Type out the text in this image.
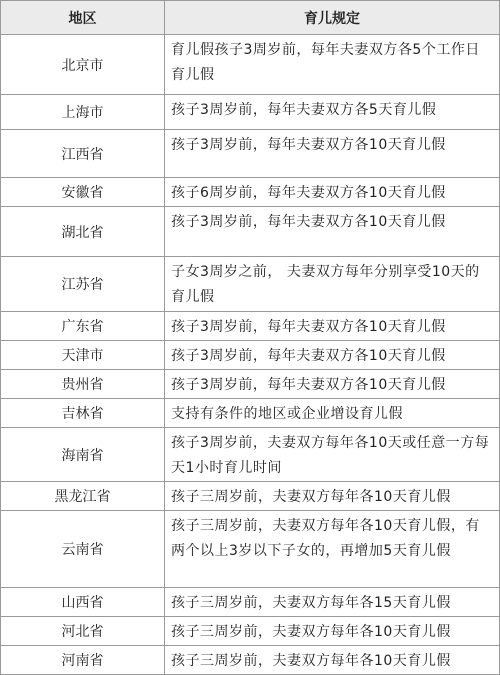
地区	育儿规定
北京市	育儿假孩子3周岁前，每年夫妻双方各5个工作日育儿假
上海市	孩子3周岁前，每年夫妻双方各5天育儿假
江西省	孩子3周岁前，每年夫妻双方各10天育儿假
安徽省	孩子6周岁前，每年夫妻双方各10天育儿假
湖北省	孩子3周岁前，每年夫妻双方各10天育儿假
江苏省	子女3周岁之前， 夫妻双方每年分别享受10天的育儿假
广东省	孩子3周岁前，每年夫妻双方各10天育儿假
天津市	孩子3周岁前，每年夫妻双方各10天育儿假
贵州省	孩子3周岁前，每年夫妻双方各10天育儿假
吉林省	支持有条件的地区或企业增设育儿假
海南省	孩子3周岁前，夫妻双方每年各10天或任意一方每天1小时育儿时间
黑龙江省	孩子三周岁前，夫妻双方每年各10天育儿假
云南省	孩子三周岁前，夫妻双方每年各10天育儿假，有两个以上3岁以下子女的，再增加5天育儿假
山西省	孩子三周岁前，夫妻双方每年各15天育儿假
河北省	孩子三周岁前，夫妻双方每年各10天育儿假
河南省	孩子三周岁前，夫妻双方每年各10天育儿假
